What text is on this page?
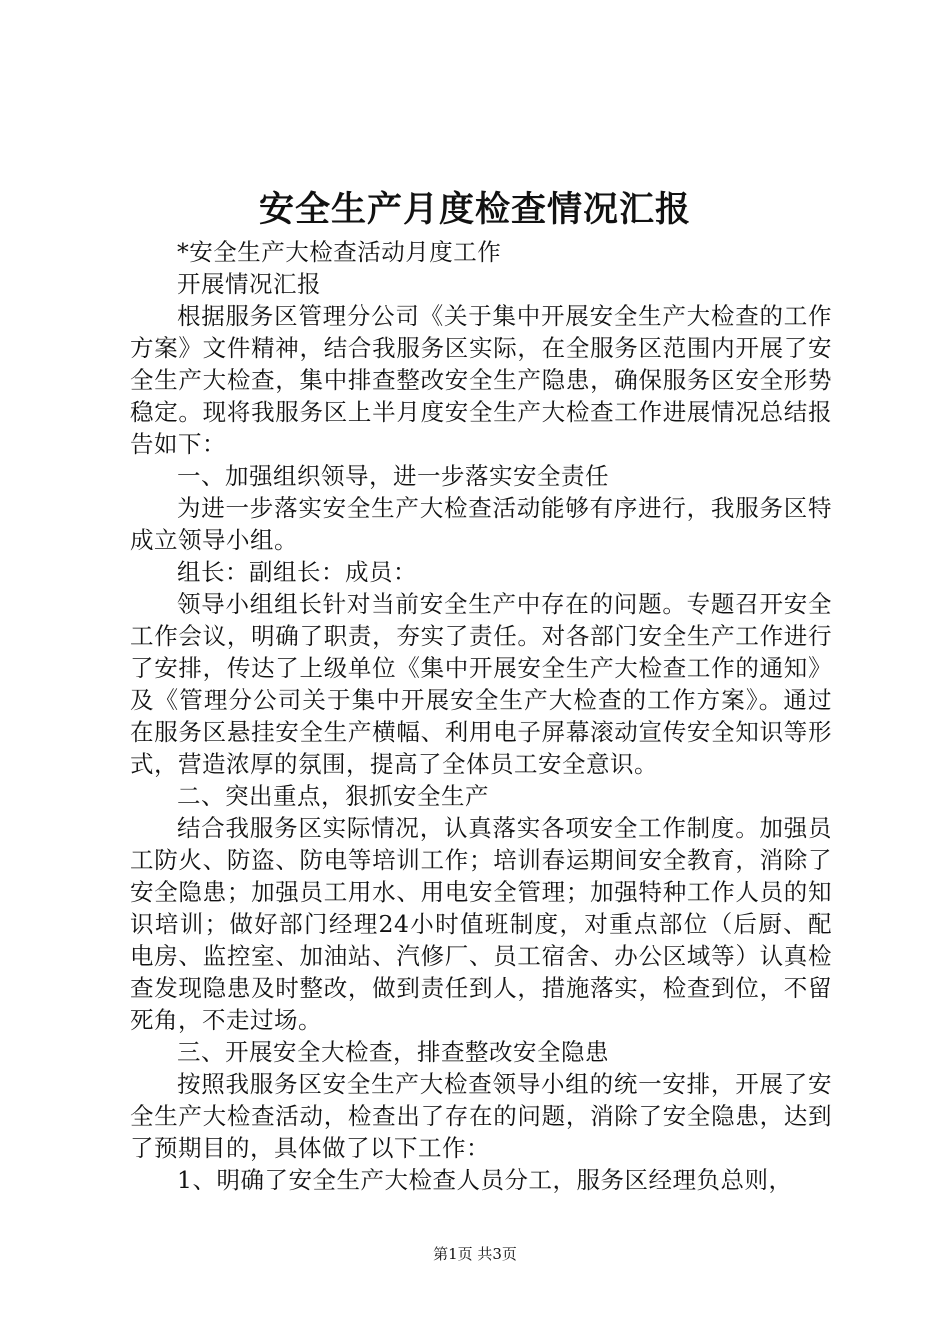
安全生产月度检查情况汇报

*安全生产大检查活动月度工作

开展情况汇报

根据服务区管理分公司《关于集中开展安全生产大检查的工作方案》文件精神，结合我服务区实际，在全服务区范围内开展了安全生产大检查，集中排查整改安全生产隐患，确保服务区安全形势稳定。现将我服务区上半月度安全生产大检查工作进展情况总结报告如下：

一、加强组织领导，进一步落实安全责任

为进一步落实安全生产大检查活动能够有序进行，我服务区特成立领导小组。

组长：副组长：成员：

领导小组组长针对当前安全生产中存在的问题。专题召开安全工作会议，明确了职责，夯实了责任。对各部门安全生产工作进行了安排，传达了上级单位《集中开展安全生产大检查工作的通知》及《管理分公司关于集中开展安全生产大检查的工作方案》。通过在服务区悬挂安全生产横幅、利用电子屏幕滚动宣传安全知识等形式，营造浓厚的氛围，提高了全体员工安全意识。

二、突出重点，狠抓安全生产

结合我服务区实际情况，认真落实各项安全工作制度。加强员工防火、防盗、防电等培训工作；培训春运期间安全教育，消除了安全隐患；加强员工用水、用电安全管理；加强特种工作人员的知识培训；做好部门经理24小时值班制度，对重点部位（后厨、配电房、监控室、加油站、汽修厂、员工宿舍、办公区域等）认真检查发现隐患及时整改，做到责任到人，措施落实，检查到位，不留死角，不走过场。

三、开展安全大检查，排查整改安全隐患

按照我服务区安全生产大检查领导小组的统一安排，开展了安全生产大检查活动，检查出了存在的问题，消除了安全隐患，达到了预期目的，具体做了以下工作：

1、明确了安全生产大检查人员分工，服务区经理负总则，

第1页 共3页
